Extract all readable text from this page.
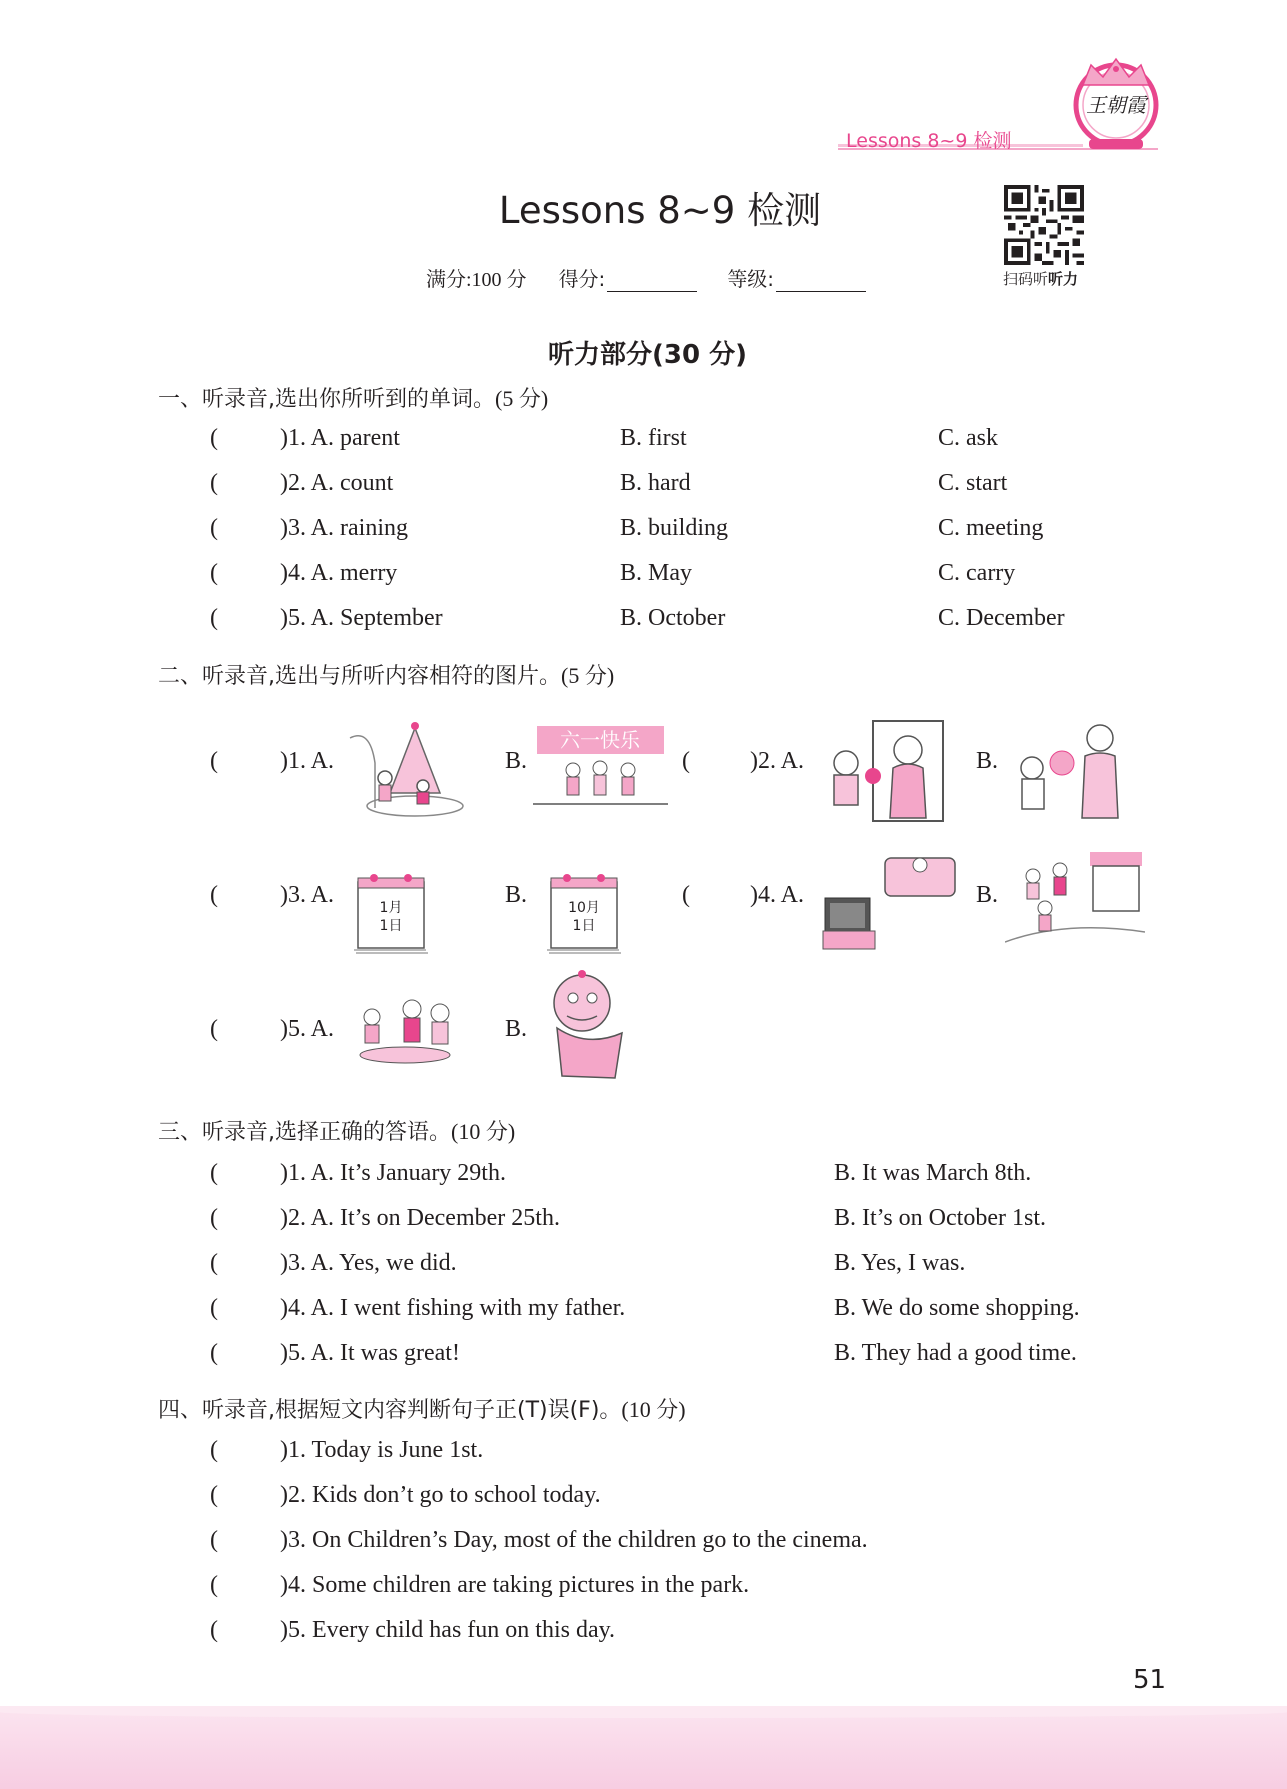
Lessons 8~9 检测
王朝霞
Lessons 8~9 检测
扫码听听力
满分:100 分 得分:	等级:
听力部分(30 分)
一、听录音,选出你所听到的单词。(5 分)
(	)1. A. parent	B. first	C. ask
(	)2. A. count	B. hard	C. start
(	)3. A. raining	B. building	C. meeting
(	)4. A. merry	B. May	C. carry
(	)5. A. September	B. October	C. December
二、听录音,选出与所听内容相符的图片。(5 分)
(	)1. A.	B.	(	)2. A.	B.
六一快乐
(	)3. A.	B.	(	)4. A.	B.
1月
1日
10月
1日
(	)5. A.	B.
三、听录音,选择正确的答语。(10 分)
(	)1. A. It’s January 29th.	B. It was March 8th.
(	)2. A. It’s on December 25th.	B. It’s on October 1st.
(	)3. A. Yes, we did.	B. Yes, I was.
(	)4. A. I went fishing with my father.	B. We do some shopping.
(	)5. A. It was great!	B. They had a good time.
四、听录音,根据短文内容判断句子正(T)误(F)。(10 分)
(	)1. Today is June 1st.
(	)2. Kids don’t go to school today.
(	)3. On Children’s Day, most of the children go to the cinema.
(	)4. Some children are taking pictures in the park.
(	)5. Every child has fun on this day.
51
